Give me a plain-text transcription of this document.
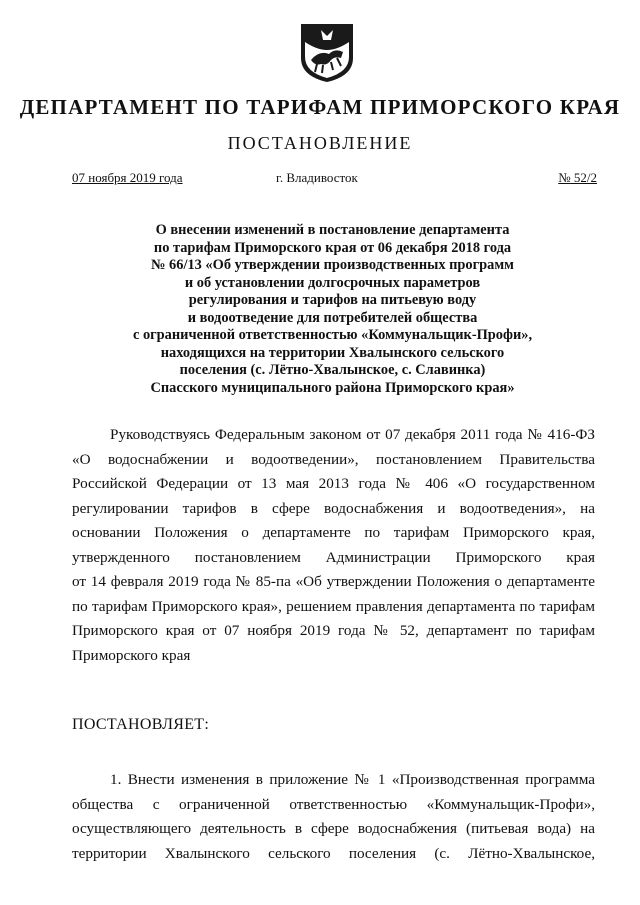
ДЕПАРТАМЕНТ ПО ТАРИФАМ ПРИМОРСКОГО КРАЯ
ПОСТАНОВЛЕНИЕ
07 ноября 2019 года	г. Владивосток	№ 52/2
О внесении изменений в постановление департамента
по тарифам Приморского края от 06 декабря 2018 года
№ 66/13 «Об утверждении производственных программ
и об установлении долгосрочных параметров
регулирования и тарифов на питьевую воду
и водоотведение для потребителей общества
с ограниченной ответственностью «Коммунальщик-Профи»,
находящихся на территории Хвалынского сельского
поселения (с. Лётно-Хвалынское, с. Славинка)
Спасского муниципального района Приморского края»
Руководствуясь Федеральным законом от 07 декабря 2011 года № 416-ФЗ
«О водоснабжении и водоотведении», постановлением Правительства
Российской Федерации от 13 мая 2013 года № 406 «О государственном
регулировании тарифов в сфере водоснабжения и водоотведения», на
основании Положения о департаменте по тарифам Приморского края,
утвержденного постановлением Администрации Приморского края
от 14 февраля 2019 года № 85-па «Об утверждении Положения о департаменте
по тарифам Приморского края», решением правления департамента по тарифам
Приморского края от 07 ноября 2019 года № 52, департамент по тарифам
Приморского края
ПОСТАНОВЛЯЕТ:
1. Внести изменения в приложение № 1 «Производственная программа
общества с ограниченной ответственностью «Коммунальщик-Профи»,
осуществляющего деятельность в сфере водоснабжения (питьевая вода) на
территории Хвалынского сельского поселения (с. Лётно-Хвалынское,
